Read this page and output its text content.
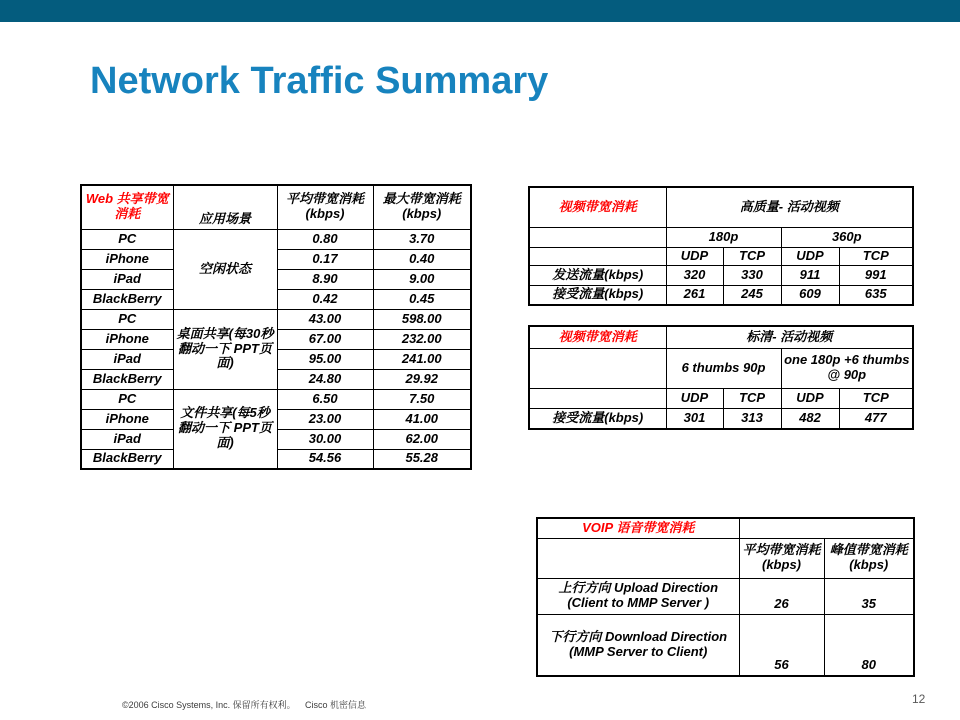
Network Traffic Summary
Web 共享带宽消耗	应用场景	平均带宽消耗 (kbps)	最大带宽消耗 (kbps)
PC	空闲状态	0.80	3.70
iPhone		0.17	0.40
iPad		8.90	9.00
BlackBerry		0.42	0.45
PC	桌面共享(每30秒翻动一下 PPT页面)	43.00	598.00
iPhone		67.00	232.00
iPad		95.00	241.00
BlackBerry		24.80	29.92
PC	文件共享(每5秒翻动一下 PPT页面)	6.50	7.50
iPhone		23.00	41.00
iPad		30.00	62.00
BlackBerry		54.56	55.28
视频带宽消耗	高质量- 活动视频			
	180p		360p	
	UDP	TCP	UDP	TCP
发送流量(kbps)	320	330	911	991
接受流量(kbps)	261	245	609	635
视频带宽消耗	标清- 活动视频			
	6 thumbs 90p		one 180p +6 thumbs @ 90p	
	UDP	TCP	UDP	TCP
接受流量(kbps)	301	313	482	477
VOIP 语音带宽消耗		
	平均带宽消耗(kbps)	峰值带宽消耗(kbps)
上行方向 Upload Direction (Client to MMP Server )	26	35
下行方向 Download Direction (MMP Server to Client)	56	80
©2006 Cisco Systems, Inc. 保留所有权利。 Cisco 机密信息	12
